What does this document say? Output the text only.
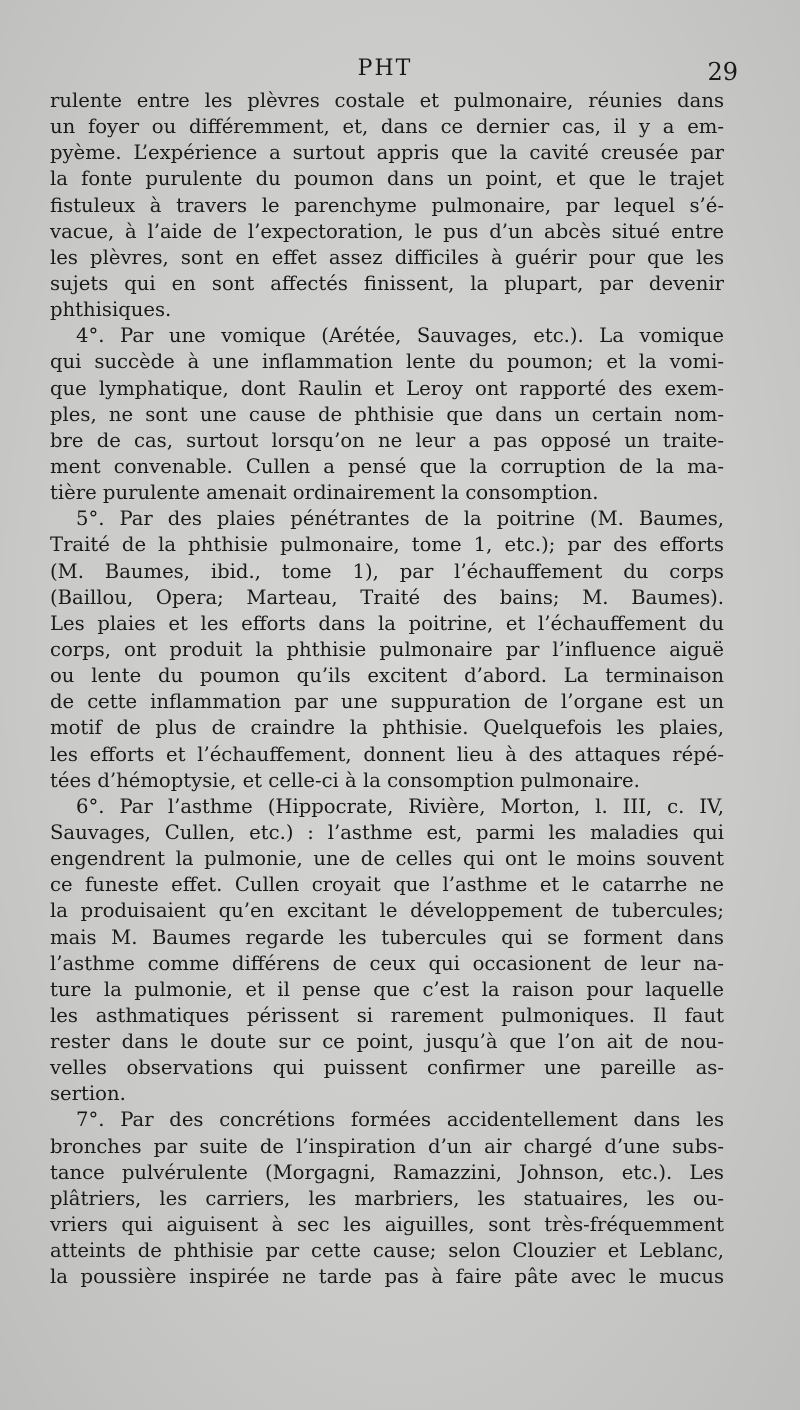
PHT	29
rulente entre les plèvres costale et pulmonaire, réunies dans
un foyer ou différemment, et, dans ce dernier cas, il y a em-
pyème. L’expérience a surtout appris que la cavité creusée par
la fonte purulente du poumon dans un point, et que le trajet
fistuleux à travers le parenchyme pulmonaire, par lequel s’é-
vacue, à l’aide de l’expectoration, le pus d’un abcès situé entre
les plèvres, sont en effet assez difficiles à guérir pour que les
sujets qui en sont affectés finissent, la plupart, par devenir
phthisiques.
4°. Par une vomique (Arétée, Sauvages, etc.). La vomique
qui succède à une inflammation lente du poumon; et la vomi-
que lymphatique, dont Raulin et Leroy ont rapporté des exem-
ples, ne sont une cause de phthisie que dans un certain nom-
bre de cas, surtout lorsqu’on ne leur a pas opposé un traite-
ment convenable. Cullen a pensé que la corruption de la ma-
tière purulente amenait ordinairement la consomption.
5°. Par des plaies pénétrantes de la poitrine (M. Baumes,
Traité de la phthisie pulmonaire, tome 1, etc.); par des efforts
(M. Baumes, ibid., tome 1), par l’échauffement du corps
(Baillou, Opera; Marteau, Traité des bains; M. Baumes).
Les plaies et les efforts dans la poitrine, et l’échauffement du
corps, ont produit la phthisie pulmonaire par l’influence aiguë
ou lente du poumon qu’ils excitent d’abord. La terminaison
de cette inflammation par une suppuration de l’organe est un
motif de plus de craindre la phthisie. Quelquefois les plaies,
les efforts et l’échauffement, donnent lieu à des attaques répé-
tées d’hémoptysie, et celle-ci à la consomption pulmonaire.
6°. Par l’asthme (Hippocrate, Rivière, Morton, l. III, c. IV,
Sauvages, Cullen, etc.) : l’asthme est, parmi les maladies qui
engendrent la pulmonie, une de celles qui ont le moins souvent
ce funeste effet. Cullen croyait que l’asthme et le catarrhe ne
la produisaient qu’en excitant le développement de tubercules;
mais M. Baumes regarde les tubercules qui se forment dans
l’asthme comme différens de ceux qui occasionent de leur na-
ture la pulmonie, et il pense que c’est la raison pour laquelle
les asthmatiques périssent si rarement pulmoniques. Il faut
rester dans le doute sur ce point, jusqu’à que l’on ait de nou-
velles observations qui puissent confirmer une pareille as-
sertion.
7°. Par des concrétions formées accidentellement dans les
bronches par suite de l’inspiration d’un air chargé d’une subs-
tance pulvérulente (Morgagni, Ramazzini, Johnson, etc.). Les
plâtriers, les carriers, les marbriers, les statuaires, les ou-
vriers qui aiguisent à sec les aiguilles, sont très-fréquemment
atteints de phthisie par cette cause; selon Clouzier et Leblanc,
la poussière inspirée ne tarde pas à faire pâte avec le mucus
